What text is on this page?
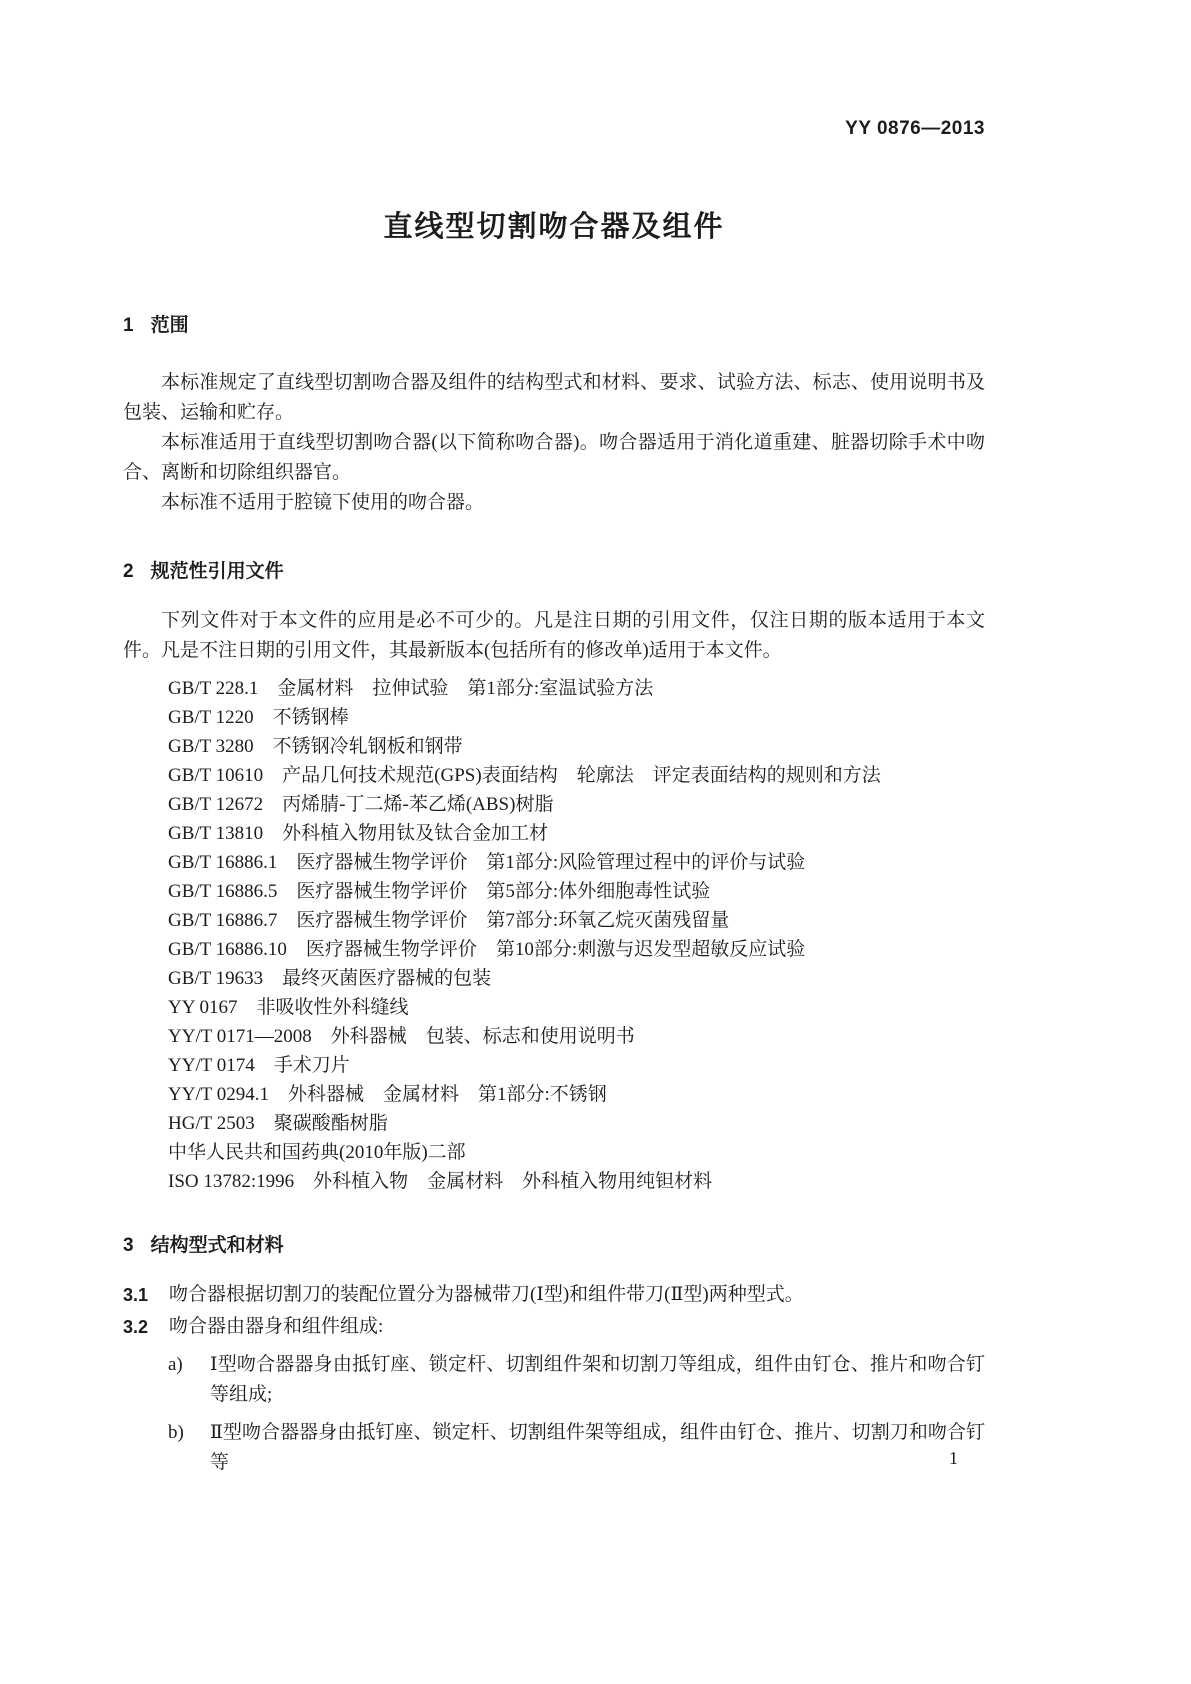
YY 0876—2013
直线型切割吻合器及组件
1 范围

本标准规定了直线型切割吻合器及组件的结构型式和材料、要求、试验方法、标志、使用说明书及包装、运输和贮存。

本标准适用于直线型切割吻合器(以下简称吻合器)。吻合器适用于消化道重建、脏器切除手术中吻合、离断和切除组织器官。

本标准不适用于腔镜下使用的吻合器。

2 规范性引用文件

下列文件对于本文件的应用是必不可少的。凡是注日期的引用文件，仅注日期的版本适用于本文件。凡是不注日期的引用文件，其最新版本(包括所有的修改单)适用于本文件。

GB/T 228.1　金属材料　拉伸试验　第1部分:室温试验方法
GB/T 1220　不锈钢棒
GB/T 3280　不锈钢冷轧钢板和钢带
GB/T 10610　产品几何技术规范(GPS)表面结构　轮廓法　评定表面结构的规则和方法
GB/T 12672　丙烯腈-丁二烯-苯乙烯(ABS)树脂
GB/T 13810　外科植入物用钛及钛合金加工材
GB/T 16886.1　医疗器械生物学评价　第1部分:风险管理过程中的评价与试验
GB/T 16886.5　医疗器械生物学评价　第5部分:体外细胞毒性试验
GB/T 16886.7　医疗器械生物学评价　第7部分:环氧乙烷灭菌残留量
GB/T 16886.10　医疗器械生物学评价　第10部分:刺激与迟发型超敏反应试验
GB/T 19633　最终灭菌医疗器械的包装
YY 0167　非吸收性外科缝线
YY/T 0171—2008　外科器械　包装、标志和使用说明书
YY/T 0174　手术刀片
YY/T 0294.1　外科器械　金属材料　第1部分:不锈钢
HG/T 2503　聚碳酸酯树脂
中华人民共和国药典(2010年版)二部
ISO 13782:1996　外科植入物　金属材料　外科植入物用纯钽材料
3 结构型式和材料
3.1	吻合器根据切割刀的装配位置分为器械带刀(Ⅰ型)和组件带刀(Ⅱ型)两种型式。
3.2	吻合器由器身和组件组成:
a)	Ⅰ型吻合器器身由抵钉座、锁定杆、切割组件架和切割刀等组成，组件由钉仓、推片和吻合钉等组成;
b)	Ⅱ型吻合器器身由抵钉座、锁定杆、切割组件架等组成，组件由钉仓、推片、切割刀和吻合钉等	1
